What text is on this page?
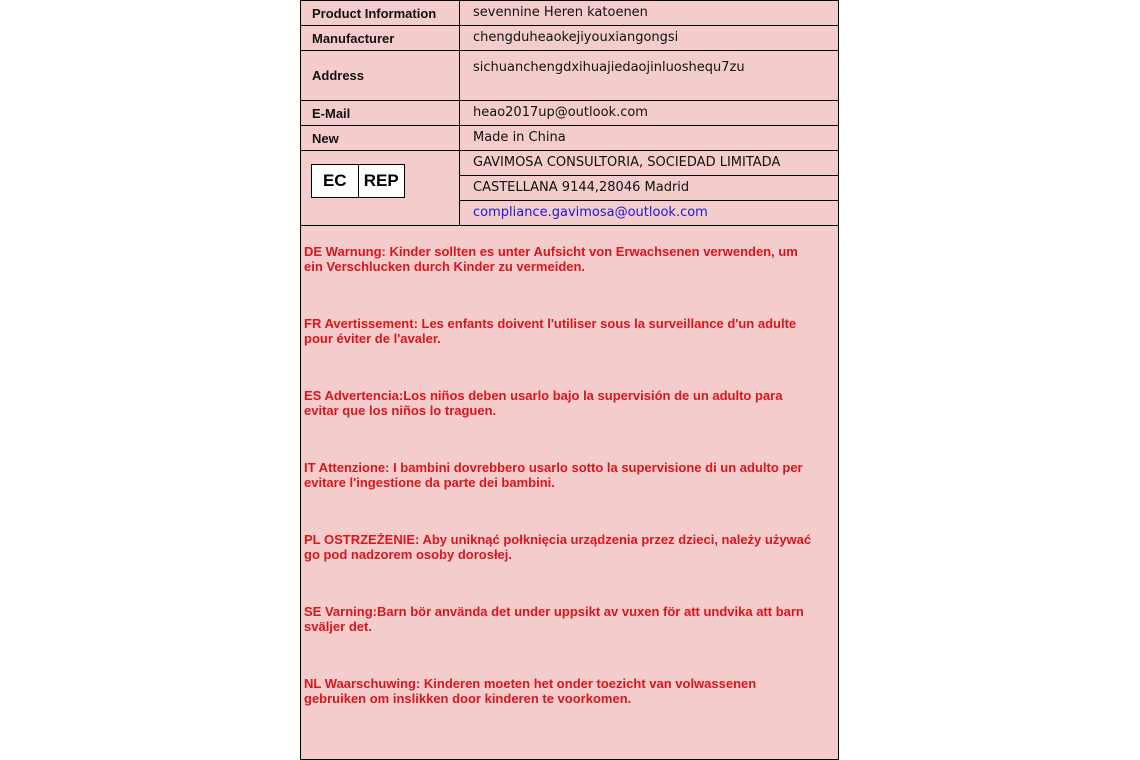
Product Information	sevennine Heren katoenen
Manufacturer	chengduheaokejiyouxiangongsi
Address	sichuanchengdxihuajiedaojinluoshequ7zu
E-Mail	heao2017up@outlook.com
New	Made in China

EC REP	GAVIMOSA CONSULTORIA, SOCIEDAD LIMITADA
	CASTELLANA 9144,28046 Madrid
	compliance.gavimosa@outlook.com

DE Warnung: Kinder sollten es unter Aufsicht von Erwachsenen verwenden, um ein Verschlucken durch Kinder zu vermeiden.

FR Avertissement: Les enfants doivent l'utiliser sous la surveillance d'un adulte pour éviter de l'avaler.

ES Advertencia:Los niños deben usarlo bajo la supervisión de un adulto para evitar que los niños lo traguen.

IT Attenzione: I bambini dovrebbero usarlo sotto la supervisione di un adulto per evitare l'ingestione da parte dei bambini.

PL OSTRZEŻENIE: Aby uniknąć połknięcia urządzenia przez dzieci, należy używać go pod nadzorem osoby dorosłej.

SE Varning:Barn bör använda det under uppsikt av vuxen för att undvika att barn sväljer det.

NL Waarschuwing: Kinderen moeten het onder toezicht van volwassenen gebruiken om inslikken door kinderen te voorkomen.
